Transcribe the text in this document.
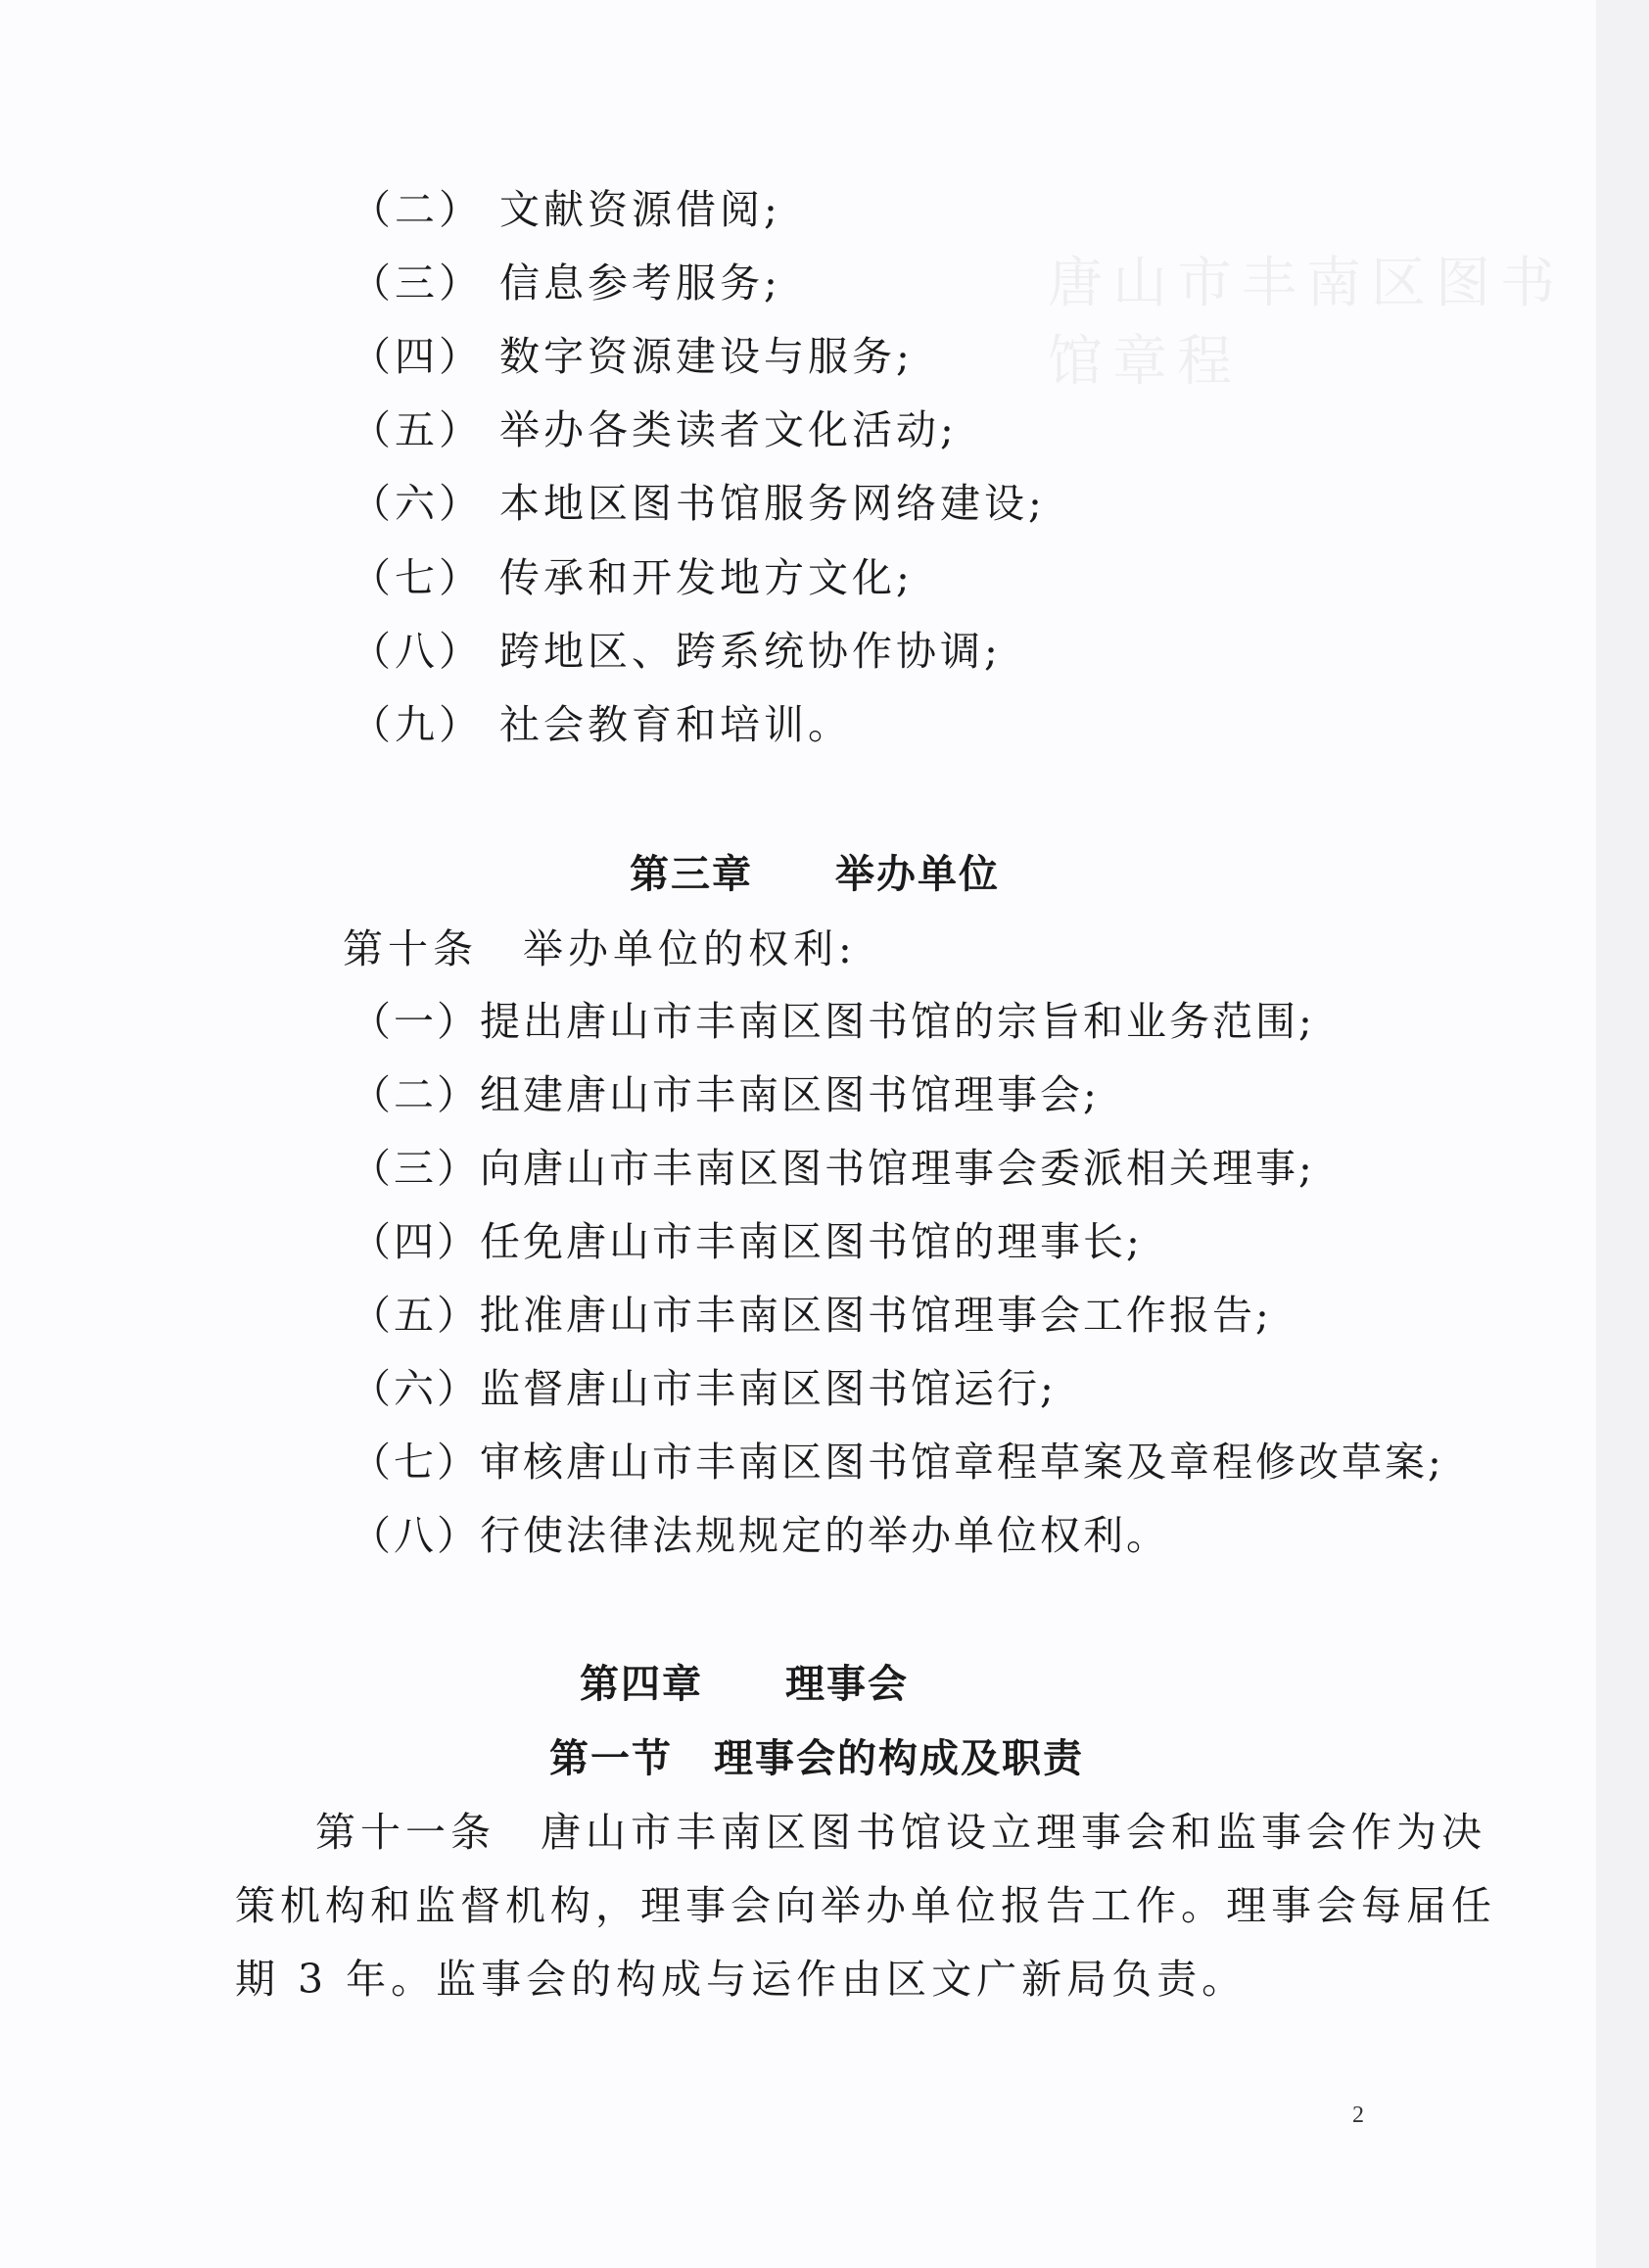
唐山市丰南区图书馆章程
（二） 文献资源借阅;
（三） 信息参考服务;
（四） 数字资源建设与服务;
（五） 举办各类读者文化活动;
（六） 本地区图书馆服务网络建设;
（七） 传承和开发地方文化;
（八） 跨地区、跨系统协作协调;
（九） 社会教育和培训。
第三章　　举办单位
第十条　举办单位的权利:
（一）提出唐山市丰南区图书馆的宗旨和业务范围;
（二）组建唐山市丰南区图书馆理事会;
（三）向唐山市丰南区图书馆理事会委派相关理事;
（四）任免唐山市丰南区图书馆的理事长;
（五）批准唐山市丰南区图书馆理事会工作报告;
（六）监督唐山市丰南区图书馆运行;
（七）审核唐山市丰南区图书馆章程草案及章程修改草案;
（八）行使法律法规规定的举办单位权利。
第四章　　理事会
第一节　理事会的构成及职责
第十一条　唐山市丰南区图书馆设立理事会和监事会作为决
策机构和监督机构，理事会向举办单位报告工作。理事会每届任
期 3 年。监事会的构成与运作由区文广新局负责。
2
